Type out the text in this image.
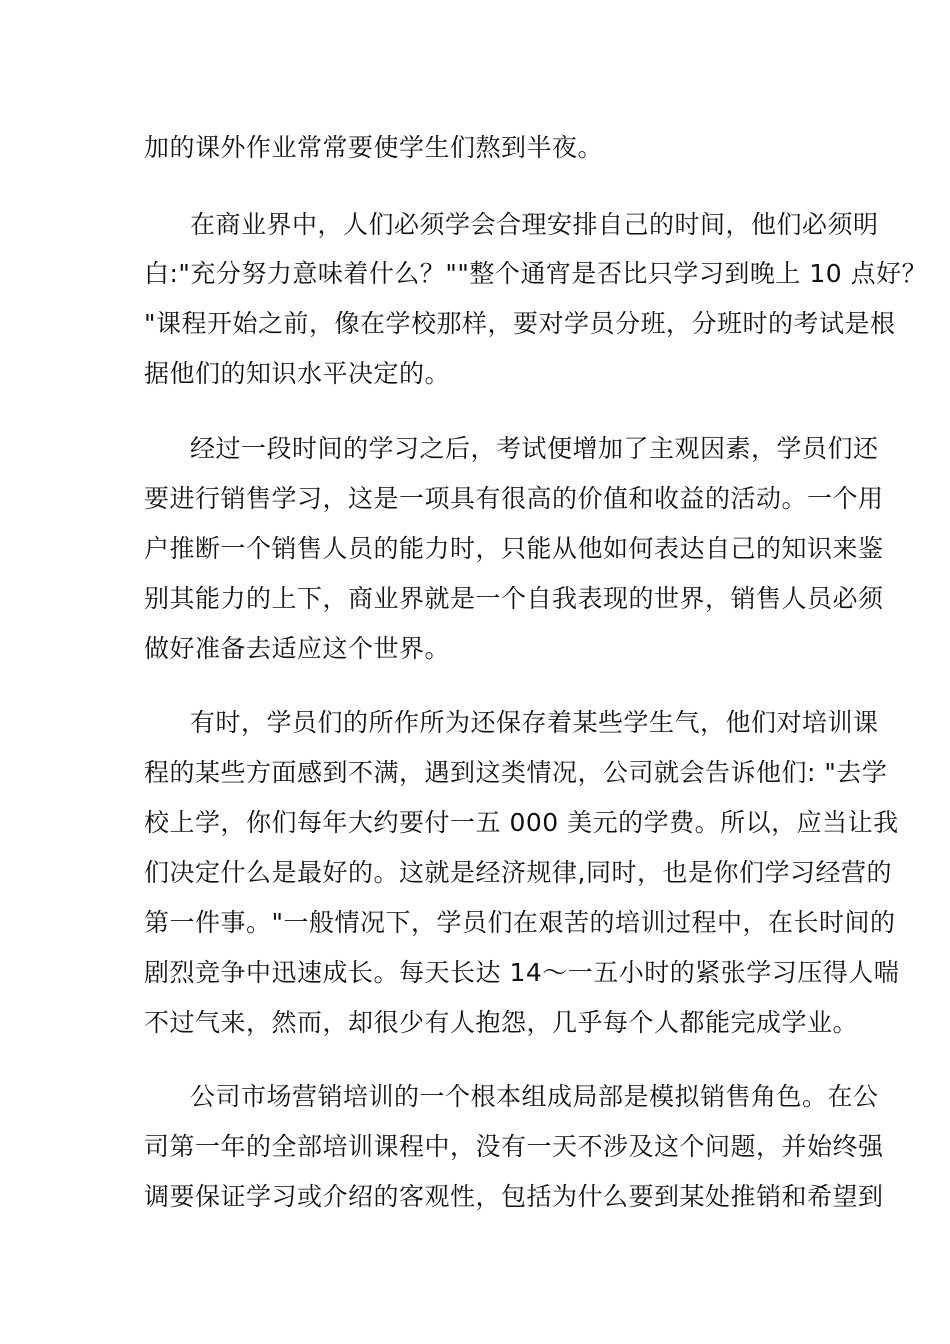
加的课外作业常常要使学生们熬到半夜。
在商业界中，人们必须学会合理安排自己的时间，他们必须明
白:"充分努力意味着什么？""整个通宵是否比只学习到晚上 10 点好？
"课程开始之前，像在学校那样，要对学员分班，分班时的考试是根
据他们的知识水平决定的。
经过一段时间的学习之后，考试便增加了主观因素，学员们还
要进行销售学习，这是一项具有很高的价值和收益的活动。一个用
户推断一个销售人员的能力时，只能从他如何表达自己的知识来鉴
别其能力的上下，商业界就是一个自我表现的世界，销售人员必须
做好准备去适应这个世界。
有时，学员们的所作所为还保存着某些学生气，他们对培训课
程的某些方面感到不满，遇到这类情况，公司就会告诉他们: "去学
校上学，你们每年大约要付一五 000 美元的学费。所以，应当让我
们决定什么是最好的。这就是经济规律,同时，也是你们学习经营的
第一件事。"一般情况下，学员们在艰苦的培训过程中，在长时间的
剧烈竞争中迅速成长。每天长达 14～一五小时的紧张学习压得人喘
不过气来，然而，却很少有人抱怨，几乎每个人都能完成学业。
公司市场营销培训的一个根本组成局部是模拟销售角色。在公
司第一年的全部培训课程中，没有一天不涉及这个问题，并始终强
调要保证学习或介绍的客观性，包括为什么要到某处推销和希望到
